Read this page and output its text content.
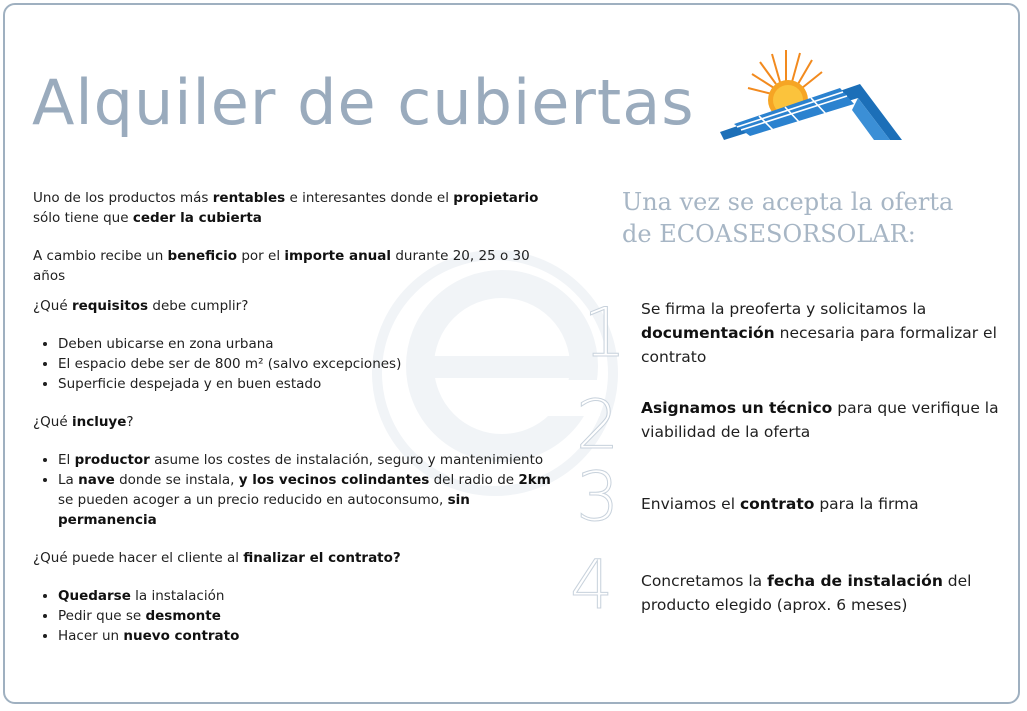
Alquiler de cubiertas

Uno de los productos más rentables e interesantes donde el propietario sólo tiene que ceder la cubierta

A cambio recibe un beneficio por el importe anual durante 20, 25 o 30 años

¿Qué requisitos debe cumplir?

• Deben ubicarse en zona urbana
• El espacio debe ser de 800 m² (salvo excepciones)
• Superficie despejada y en buen estado

¿Qué incluye?

• El productor asume los costes de instalación, seguro y mantenimiento
• La nave donde se instala, y los vecinos colindantes del radio de 2km se pueden acoger a un precio reducido en autoconsumo, sin permanencia

¿Qué puede hacer el cliente al finalizar el contrato?

• Quedarse la instalación
• Pedir que se desmonte
• Hacer un nuevo contrato
Una vez se acepta la oferta
de ECOASESORSOLAR:
1 Se firma la preoferta y solicitamos la documentación necesaria para formalizar el contrato

2 Asignamos un técnico para que verifique la viabilidad de la oferta

3 Enviamos el contrato para la firma

4 Concretamos la fecha de instalación del producto elegido (aprox. 6 meses)
